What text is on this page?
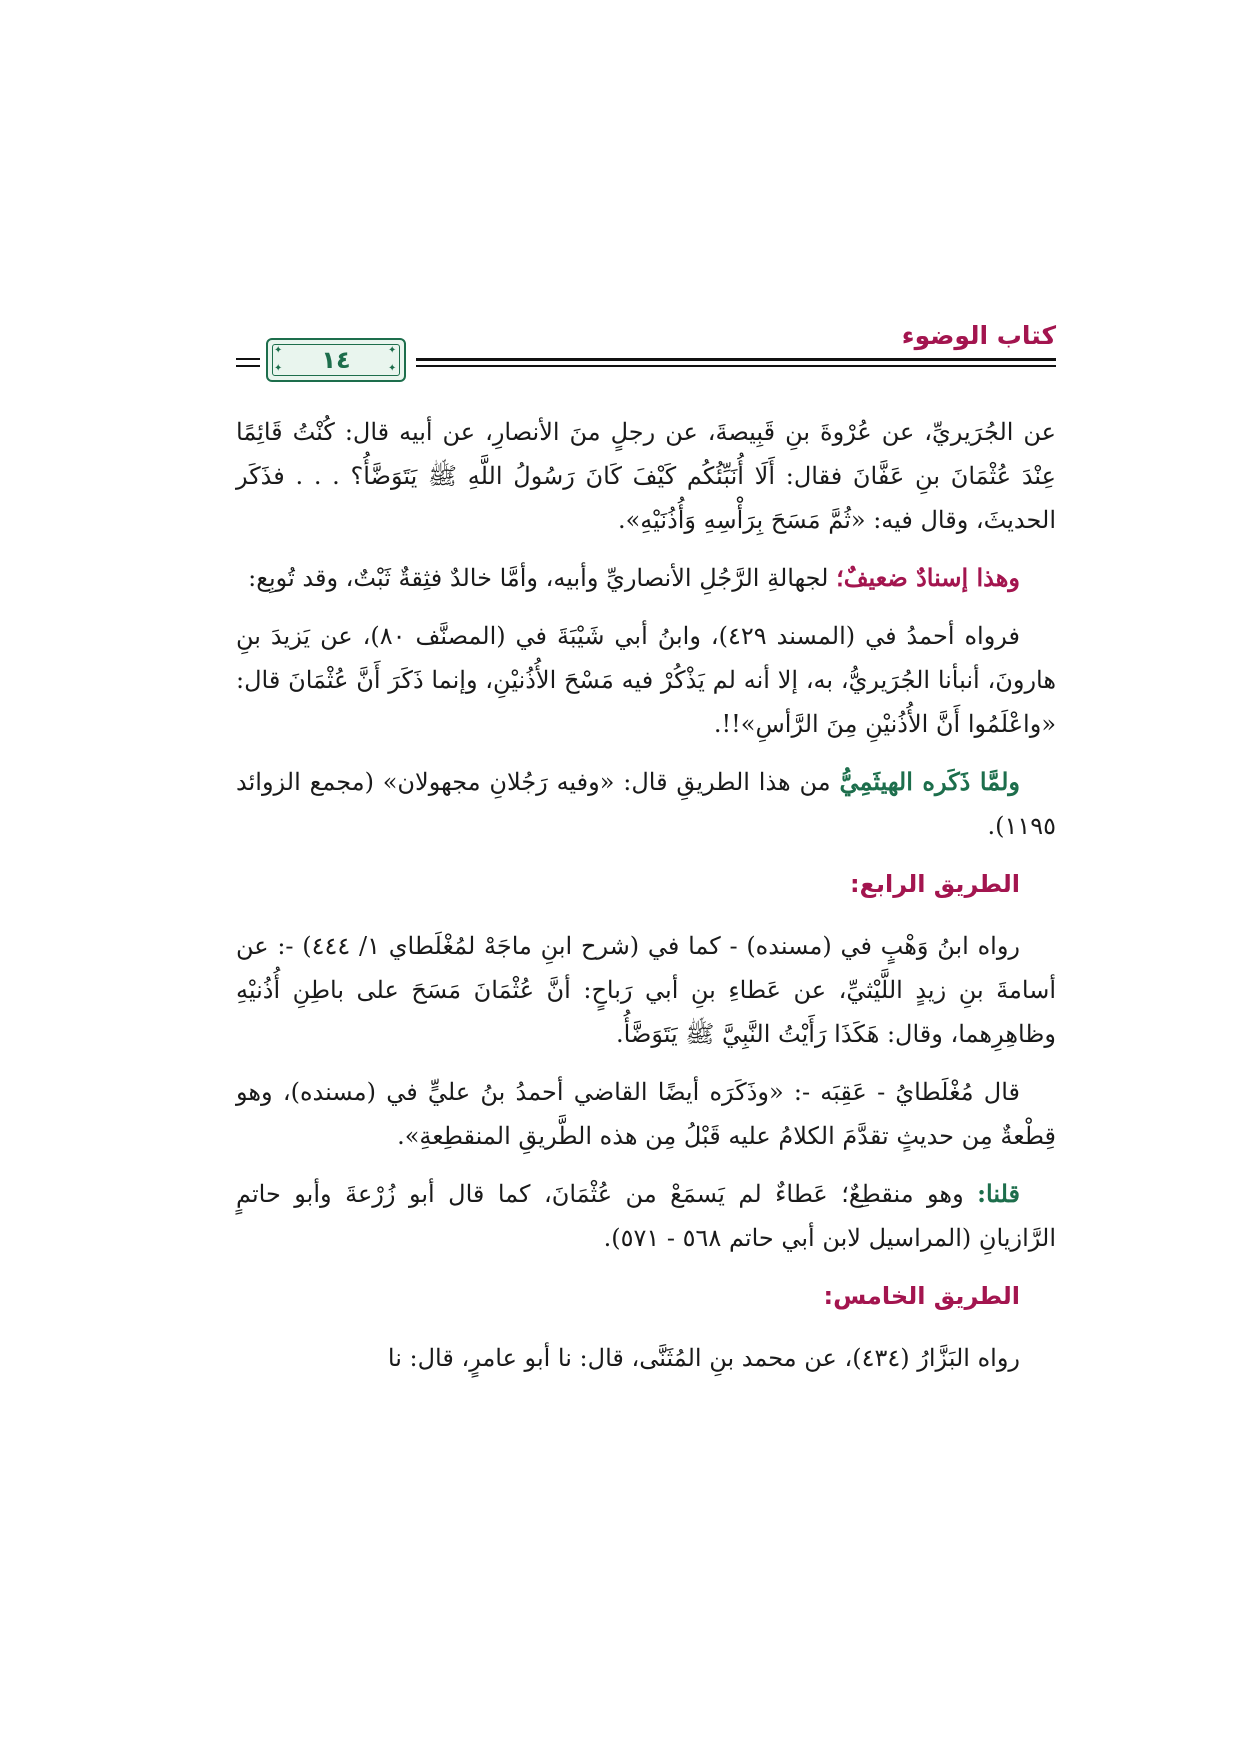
كتاب الوضوء
✦	✦
✦	✦
١٤

عن الجُرَيريِّ، عن عُرْوةَ بنِ قَبِيصةَ، عن رجلٍ منَ الأنصارِ، عن أبيه قال: كُنْتُ قَائِمًا عِنْدَ عُثْمَانَ بنِ عَفَّانَ فقال: أَلَا أُنَبِّئُكُم كَيْفَ كَانَ رَسُولُ اللَّهِ ﷺ يَتَوَضَّأُ؟ . . . فذَكَر الحديثَ، وقال فيه: «ثُمَّ مَسَحَ بِرَأْسِهِ وَأُذُنَيْهِ».

وهذا إسنادٌ ضعيفٌ؛ لجهالةِ الرَّجُلِ الأنصاريِّ وأبيه، وأمَّا خالدٌ فثِقةٌ ثَبْتٌ، وقد تُوبِع:

فرواه أحمدُ في (المسند ٤٢٩)، وابنُ أبي شَيْبَةَ في (المصنَّف ٨٠)، عن يَزيدَ بنِ هارونَ، أنبأنا الجُرَيريُّ، به، إلا أنه لم يَذْكُرْ فيه مَسْحَ الأُذُنيْنِ، وإنما ذَكَرَ أَنَّ عُثْمَانَ قال: «واعْلَمُوا أَنَّ الأُذُنيْنِ مِنَ الرَّأسِ»!!.

ولمَّا ذَكَره الهيثَمِيُّ من هذا الطريقِ قال: «وفيه رَجُلانِ مجهولان» (مجمع الزوائد ١١٩٥).

الطريق الرابع:

رواه ابنُ وَهْبٍ في (مسنده) - كما في (شرح ابنِ ماجَهْ لمُغْلَطاي ١/ ٤٤٤) -: عن أسامةَ بنِ زيدٍ اللَّيْثيِّ، عن عَطاءِ بنِ أبي رَباحٍ: أنَّ عُثْمَانَ مَسَحَ على باطِنِ أُذُنيْهِ وظاهِرِهما، وقال: هَكَذَا رَأَيْتُ النَّبِيَّ ﷺ يَتَوَضَّأُ.

قال مُغْلَطايُ - عَقِبَه -: «وذَكَرَه أيضًا القاضي أحمدُ بنُ عليٍّ في (مسنده)، وهو قِطْعةٌ مِن حديثٍ تقدَّمَ الكلامُ عليه قَبْلُ مِن هذه الطَّريقِ المنقطِعةِ».

قلنا: وهو منقطِعٌ؛ عَطاءٌ لم يَسمَعْ من عُثْمَانَ، كما قال أبو زُرْعةَ وأبو حاتمٍ الرَّازيانِ (المراسيل لابن أبي حاتم ٥٦٨ - ٥٧١).

الطريق الخامس:

رواه البَزَّارُ (٤٣٤)، عن محمد بنِ المُثَنَّى، قال: نا أبو عامرٍ، قال: نا
